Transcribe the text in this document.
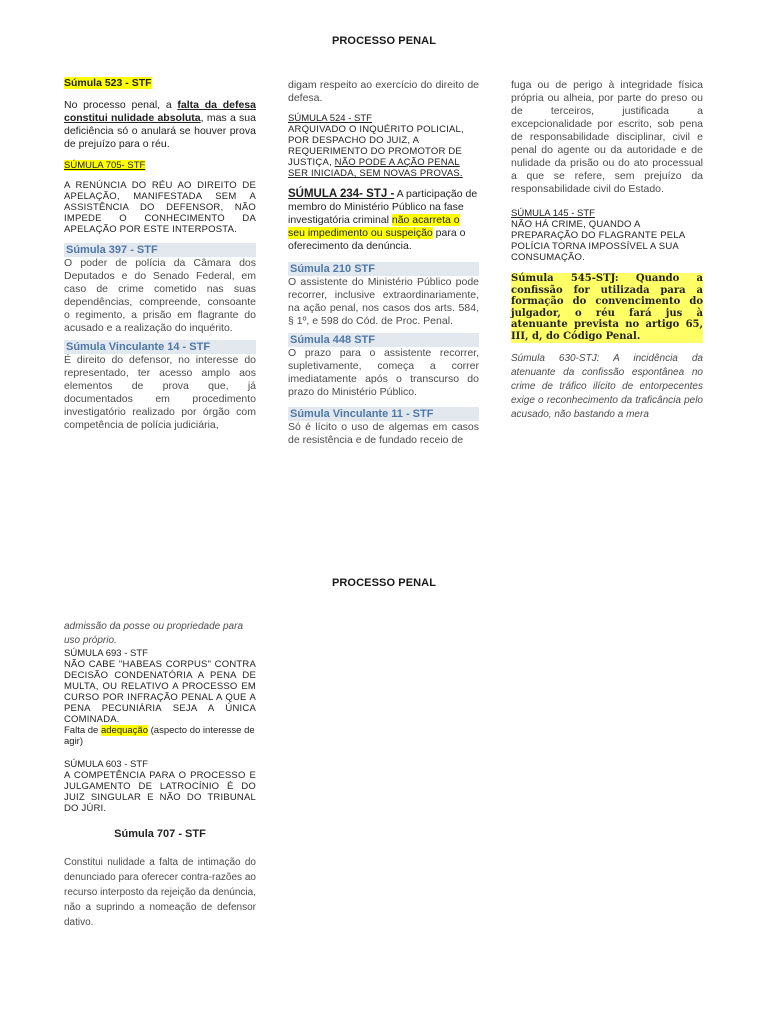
PROCESSO PENAL

Súmula 523 - STF

No processo penal, a falta da defesa constitui nulidade absoluta, mas a sua deficiência só o anulará se houver prova de prejuízo para o réu.

SÚMULA 705- STF

A RENÚNCIA DO RÉU AO DIREITO DE APELAÇÃO, MANIFESTADA SEM A ASSISTÊNCIA DO DEFENSOR, NÃO IMPEDE O CONHECIMENTO DA APELAÇÃO POR ESTE INTERPOSTA.

Súmula 397 - STF

O poder de polícia da Câmara dos Deputados e do Senado Federal, em caso de crime cometido nas suas dependências, compreende, consoante o regimento, a prisão em flagrante do acusado e a realização do inquérito.

Súmula Vinculante 14 - STF

É direito do defensor, no interesse do representado, ter acesso amplo aos elementos de prova que, já documentados em procedimento investigatório realizado por órgão com competência de polícia judiciária,

digam respeito ao exercício do direito de defesa.

SÚMULA 524 - STF

ARQUIVADO O INQUÉRITO POLICIAL, POR DESPACHO DO JUIZ, A REQUERIMENTO DO PROMOTOR DE JUSTIÇA, NÃO PODE A AÇÃO PENAL SER INICIADA, SEM NOVAS PROVAS.

SÚMULA 234- STJ - A participação de membro do Ministério Público na fase investigatória criminal não acarreta o seu impedimento ou suspeição para o oferecimento da denúncia.

Súmula 210 STF

O assistente do Ministério Público pode recorrer, inclusive extraordinariamente, na ação penal, nos casos dos arts. 584, § 1º, e 598 do Cód. de Proc. Penal.

Súmula 448 STF

O prazo para o assistente recorrer, supletivamente, começa a correr imediatamente após o transcurso do prazo do Ministério Público.

Súmula Vinculante 11 - STF

Só é lícito o uso de algemas em casos de resistência e de fundado receio de

fuga ou de perigo à integridade física própria ou alheia, por parte do preso ou de terceiros, justificada a excepcionalidade por escrito, sob pena de responsabilidade disciplinar, civil e penal do agente ou da autoridade e de nulidade da prisão ou do ato processual a que se refere, sem prejuízo da responsabilidade civil do Estado.

SÚMULA 145 - STF

NÃO HÁ CRIME, QUANDO A PREPARAÇÃO DO FLAGRANTE PELA POLÍCIA TORNA IMPOSSÍVEL A SUA CONSUMAÇÃO.

Súmula 545-STJ: Quando a confissão for utilizada para a formação do convencimento do julgador, o réu fará jus à atenuante prevista no artigo 65, III, d, do Código Penal.

Súmula 630-STJ: A incidência da atenuante da confissão espontânea no crime de tráfico ilícito de entorpecentes exige o reconhecimento da traficância pelo acusado, não bastando a mera

PROCESSO PENAL

admissão da posse ou propriedade para uso próprio.

SÚMULA 693 - STF

NÃO CABE "HABEAS CORPUS" CONTRA DECISÃO CONDENATÓRIA A PENA DE MULTA, OU RELATIVO A PROCESSO EM CURSO POR INFRAÇÃO PENAL A QUE A PENA PECUNIÁRIA SEJA A ÚNICA COMINADA.

Falta de adequação (aspecto do interesse de agir)

SÚMULA 603 - STF

A COMPETÊNCIA PARA O PROCESSO E JULGAMENTO DE LATROCÍNIO É DO JUIZ SINGULAR E NÃO DO TRIBUNAL DO JÚRI.

Súmula 707 - STF

Constitui nulidade a falta de intimação do denunciado para oferecer contra-razões ao recurso interposto da rejeição da denúncia, não a suprindo a nomeação de defensor dativo.
